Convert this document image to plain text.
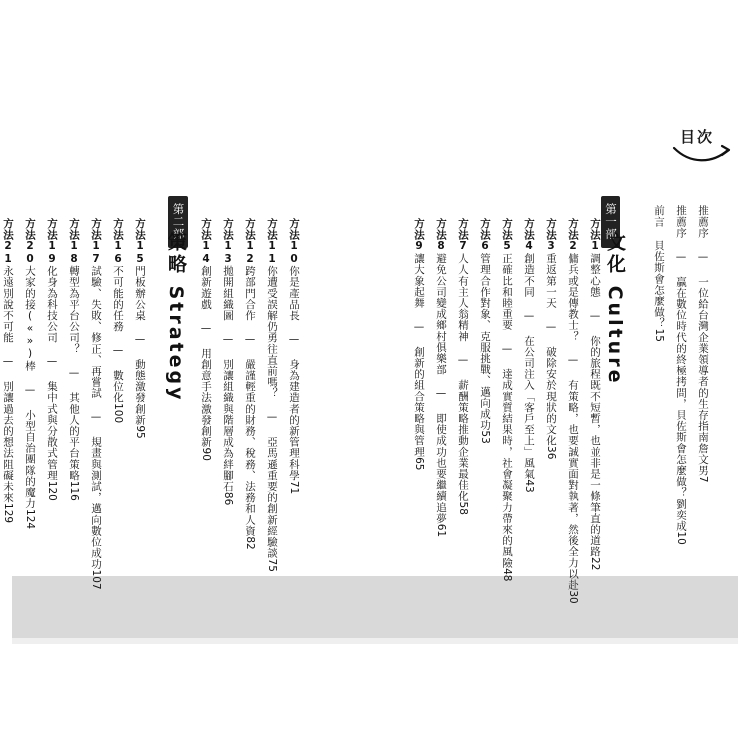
目次
第一部
文化 Culture	推薦序 — 一位給台灣企業領導者的生存指南詹文男7
推薦序 — 贏在數位時代的終極拷問，貝佐斯會怎麼做？劉奕成10
前言 貝佐斯會怎麼做？15
方法1調整心態 — 你的旅程既不短暫，也並非是一條筆直的道路22
方法2傭兵或是傳教士？ — 有策略，也要誠實面對執著，然後全力以赴30
方法3重返第一天 — 破除安於現狀的文化36
方法4創造不同 — 在公司注入「客戶至上」風氣43
方法5正確比和睦重要 — 達成實質結果時，社會凝聚力帶來的風險48
方法6管理合作對象、克服挑戰、邁向成功53
方法7人人有主人翁精神 — 薪酬策略推動企業最佳化58
方法8避免公司變成鄉村俱樂部 — 即使成功也要繼續追夢61
方法9讓大象起舞 — 創新的組合策略與管理65
第二部
策略 Strategy	方法10你是產品長 — 身為建造者的新管理科學71
方法11你遭受誤解仍勇往直前嗎？ — 亞馬遜重要的創新經驗談75
方法12跨部門合作 — 嚴謹輕重的財務、稅務、法務和人資82
方法13拋開組織圖 — 別讓組織與階層成為絆腳石86
方法14創新遊戲 — 用創意手法激發創新90
方法15門板辦公桌 — 動態激發創新95
方法16不可能的任務 — 數位化100
方法17試驗、失敗、修正、再嘗試 — 規畫與測試，邁向數位成功107
方法18轉型為平台公司？ — 其他人的平台策略116
方法19化身為科技公司 — 集中式與分散式管理120
方法20大家的接(«»)棒 — 小型自治團隊的魔力124
方法21永遠別說不可能 — 別讓過去的想法阻礙未來129
